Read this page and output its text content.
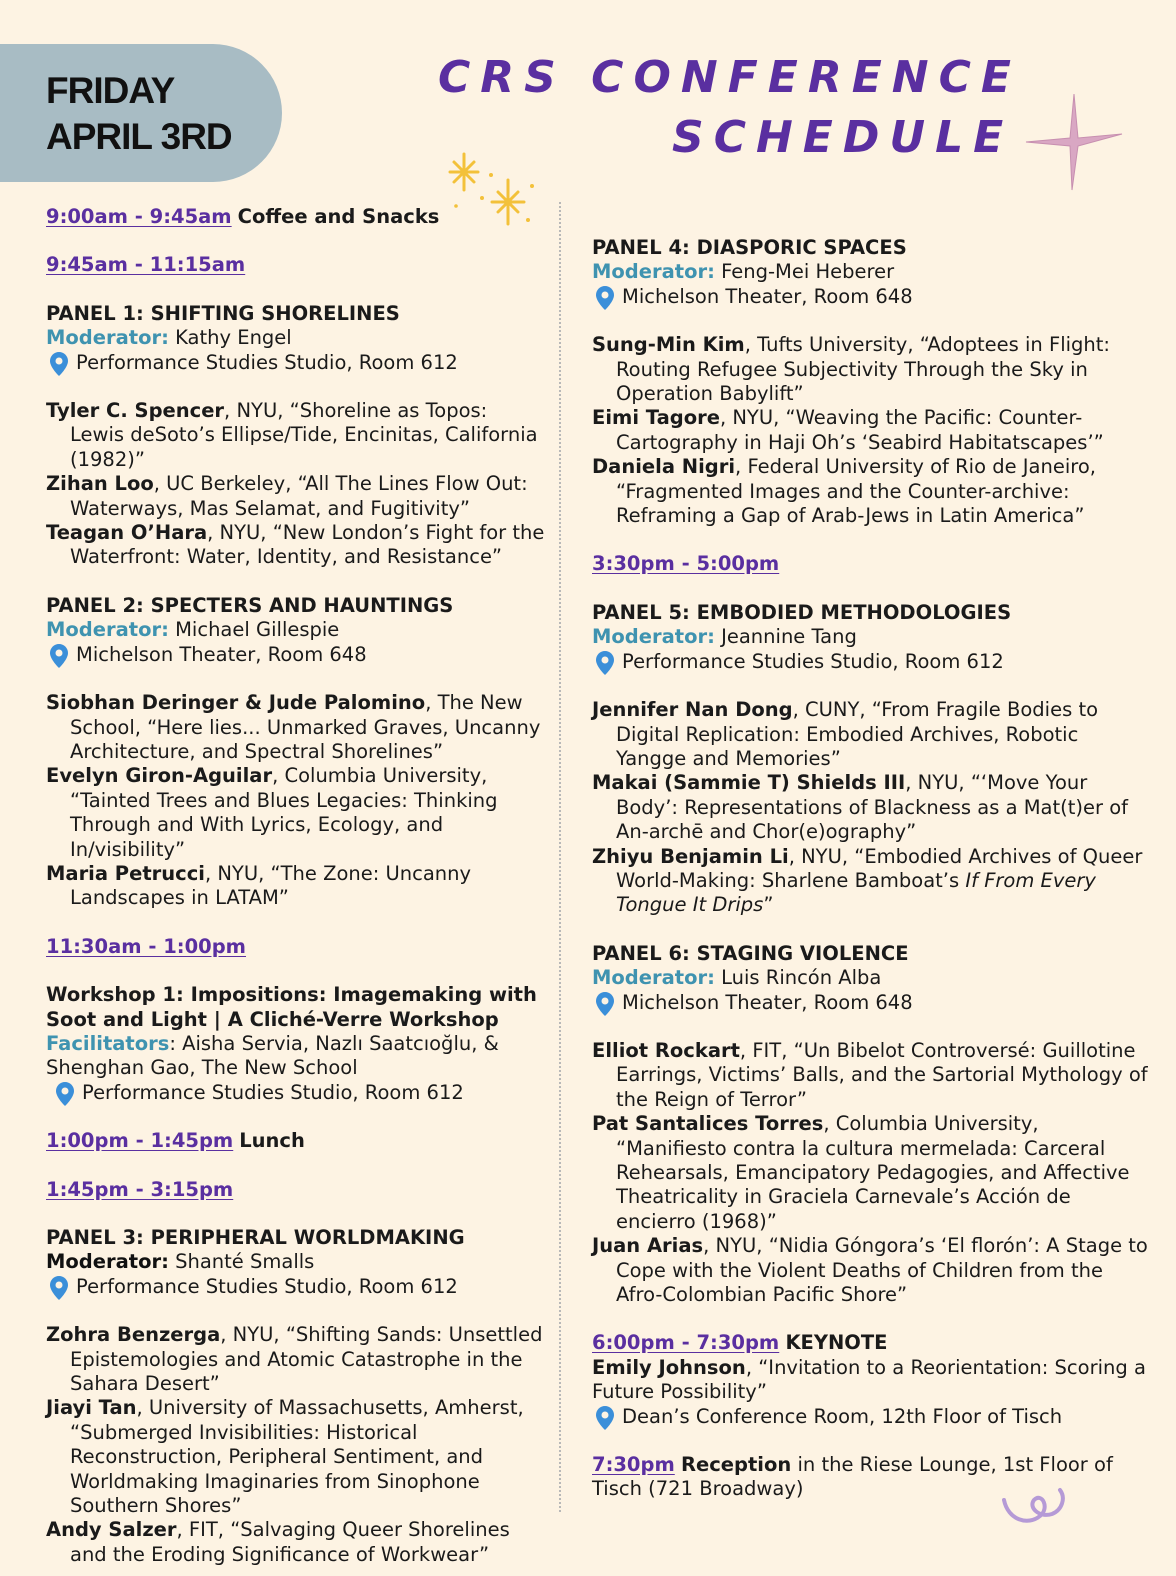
FRIDAY
APRIL 3RD
CRS CONFERENCE
SCHEDULE
9:00am - 9:45am Coffee and Snacks
9:45am - 11:15am
PANEL 1: SHIFTING SHORELINES
Moderator: Kathy Engel
Performance Studies Studio, Room 612
Tyler C. Spencer, NYU, “Shoreline as Topos: Lewis deSoto’s Ellipse/Tide, Encinitas, California (1982)”
Zihan Loo, UC Berkeley, “All The Lines Flow Out: Waterways, Mas Selamat, and Fugitivity”
Teagan O’Hara, NYU, “New London’s Fight for the Waterfront: Water, Identity, and Resistance”
PANEL 2: SPECTERS AND HAUNTINGS
Moderator: Michael Gillespie
Michelson Theater, Room 648
Siobhan Deringer & Jude Palomino, The New School, “Here lies... Unmarked Graves, Uncanny Architecture, and Spectral Shorelines”
Evelyn Giron-Aguilar, Columbia University, “Tainted Trees and Blues Legacies: Thinking Through and With Lyrics, Ecology, and In/visibility”
Maria Petrucci, NYU, “The Zone: Uncanny Landscapes in LATAM”
11:30am - 1:00pm
Workshop 1: Impositions: Imagemaking with Soot and Light | A Cliché-Verre Workshop
Facilitators: Aisha Servia, Nazlı Saatcıoğlu, & Shenghan Gao, The New School
Performance Studies Studio, Room 612
1:00pm - 1:45pm Lunch
1:45pm - 3:15pm
PANEL 3: PERIPHERAL WORLDMAKING
Moderator: Shanté Smalls
Performance Studies Studio, Room 612
Zohra Benzerga, NYU, “Shifting Sands: Unsettled Epistemologies and Atomic Catastrophe in the Sahara Desert”
Jiayi Tan, University of Massachusetts, Amherst, “Submerged Invisibilities: Historical Reconstruction, Peripheral Sentiment, and Worldmaking Imaginaries from Sinophone Southern Shores”
Andy Salzer, FIT, “Salvaging Queer Shorelines and the Eroding Significance of Workwear”
PANEL 4: DIASPORIC SPACES
Moderator: Feng-Mei Heberer
Michelson Theater, Room 648
Sung-Min Kim, Tufts University, “Adoptees in Flight: Routing Refugee Subjectivity Through the Sky in Operation Babylift”
Eimi Tagore, NYU, “Weaving the Pacific: Counter-Cartography in Haji Oh’s ‘Seabird Habitatscapes’”
Daniela Nigri, Federal University of Rio de Janeiro, “Fragmented Images and the Counter-archive: Reframing a Gap of Arab-Jews in Latin America”
3:30pm - 5:00pm
PANEL 5: EMBODIED METHODOLOGIES
Moderator: Jeannine Tang
Performance Studies Studio, Room 612
Jennifer Nan Dong, CUNY, “From Fragile Bodies to Digital Replication: Embodied Archives, Robotic Yangge and Memories”
Makai (Sammie T) Shields III, NYU, “‘Move Your Body’: Representations of Blackness as a Mat(t)er of An-archē and Chor(e)ography”
Zhiyu Benjamin Li, NYU, “Embodied Archives of Queer World-Making: Sharlene Bamboat’s If From Every Tongue It Drips”
PANEL 6: STAGING VIOLENCE
Moderator: Luis Rincón Alba
Michelson Theater, Room 648
Elliot Rockart, FIT, “Un Bibelot Controversé: Guillotine Earrings, Victims’ Balls, and the Sartorial Mythology of the Reign of Terror”
Pat Santalices Torres, Columbia University, “Manifiesto contra la cultura mermelada: Carceral Rehearsals, Emancipatory Pedagogies, and Affective Theatricality in Graciela Carnevale’s Acción de encierro (1968)”
Juan Arias, NYU, “Nidia Góngora’s ‘El florón’: A Stage to Cope with the Violent Deaths of Children from the Afro-Colombian Pacific Shore”
6:00pm - 7:30pm KEYNOTE
Emily Johnson, “Invitation to a Reorientation: Scoring a Future Possibility”
Dean’s Conference Room, 12th Floor of Tisch
7:30pm Reception in the Riese Lounge, 1st Floor of Tisch (721 Broadway)
